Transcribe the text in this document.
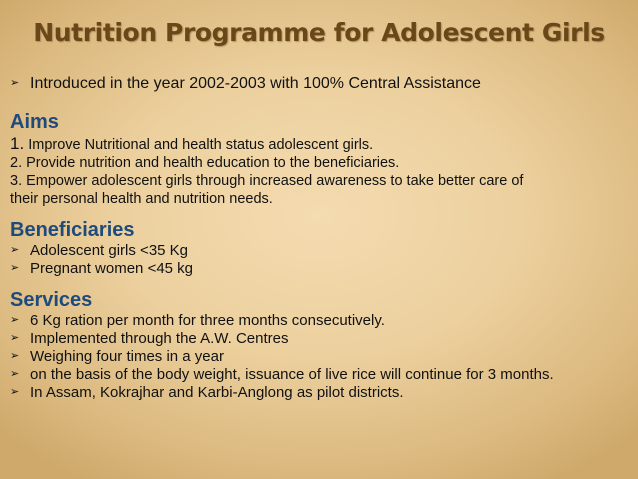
Nutrition Programme for Adolescent Girls
➢ Introduced in the year 2002-2003 with 100% Central Assistance
Aims
1. Improve Nutritional and health status adolescent girls.
2. Provide nutrition and health education to the beneficiaries.
3. Empower adolescent girls through increased awareness to take better care of
their personal health and nutrition needs.
Beneficiaries
➢ Adolescent girls <35 Kg
➢ Pregnant women <45 kg
Services
➢ 6 Kg ration per month for three months consecutively.
➢ Implemented through the A.W. Centres
➢ Weighing four times in a year
➢ on the basis of the body weight, issuance of live rice will continue for 3 months.
➢ In Assam, Kokrajhar and Karbi-Anglong as pilot districts.
